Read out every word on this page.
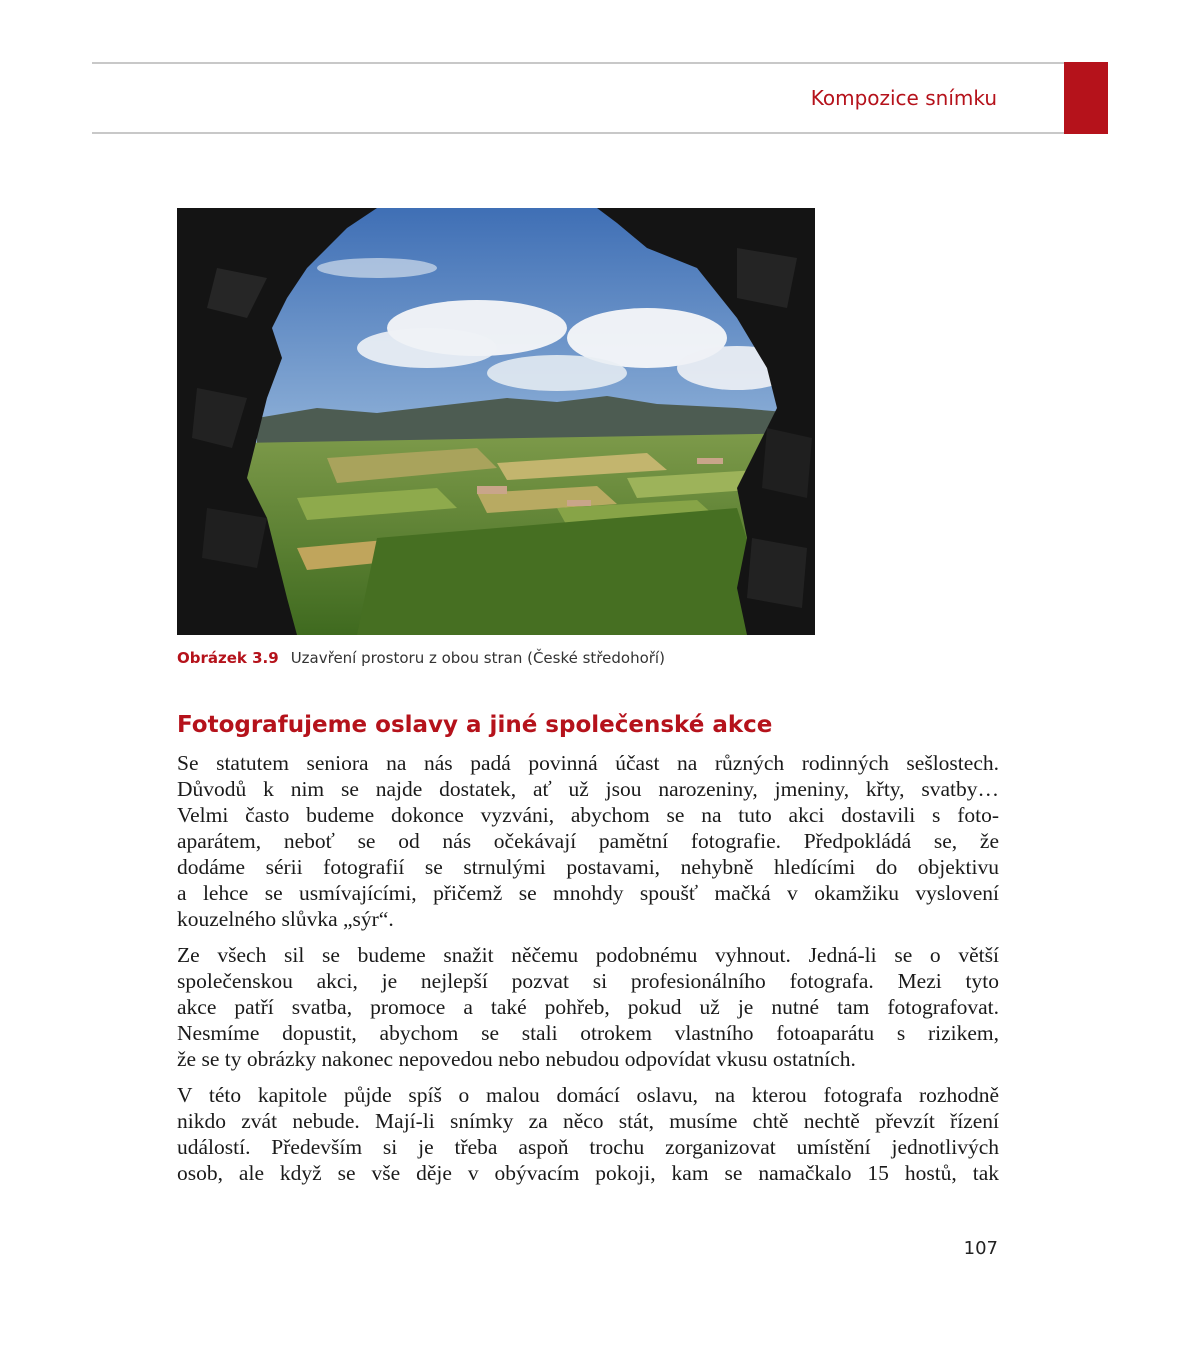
Kompozice snímku
Obrázek 3.9 Uzavření prostoru z obou stran (České středohoří)
Fotografujeme oslavy a jiné společenské akce
Se statutem seniora na nás padá povinná účast na různých rodinných sešlostech.
Důvodů k nim se najde dostatek, ať už jsou narozeniny, jmeniny, křty, svatby…
Velmi často budeme dokonce vyzváni, abychom se na tuto akci dostavili s foto-
aparátem, neboť se od nás očekávají pamětní fotografie. Předpokládá se, že
dodáme sérii fotografií se strnulými postavami, nehybně hledícími do objektivu
a lehce se usmívajícími, přičemž se mnohdy spoušť mačká v okamžiku vyslovení
kouzelného slůvka „sýr“.
Ze všech sil se budeme snažit něčemu podobnému vyhnout. Jedná-li se o větší
společenskou akci, je nejlepší pozvat si profesionálního fotografa. Mezi tyto
akce patří svatba, promoce a také pohřeb, pokud už je nutné tam fotografovat.
Nesmíme dopustit, abychom se stali otrokem vlastního fotoaparátu s rizikem,
že se ty obrázky nakonec nepovedou nebo nebudou odpovídat vkusu ostatních.
V této kapitole půjde spíš o malou domácí oslavu, na kterou fotografa rozhodně
nikdo zvát nebude. Mají-li snímky za něco stát, musíme chtě nechtě převzít řízení
událostí. Především si je třeba aspoň trochu zorganizovat umístění jednotlivých
osob, ale když se vše děje v obývacím pokoji, kam se namačkalo 15 hostů, tak
107
